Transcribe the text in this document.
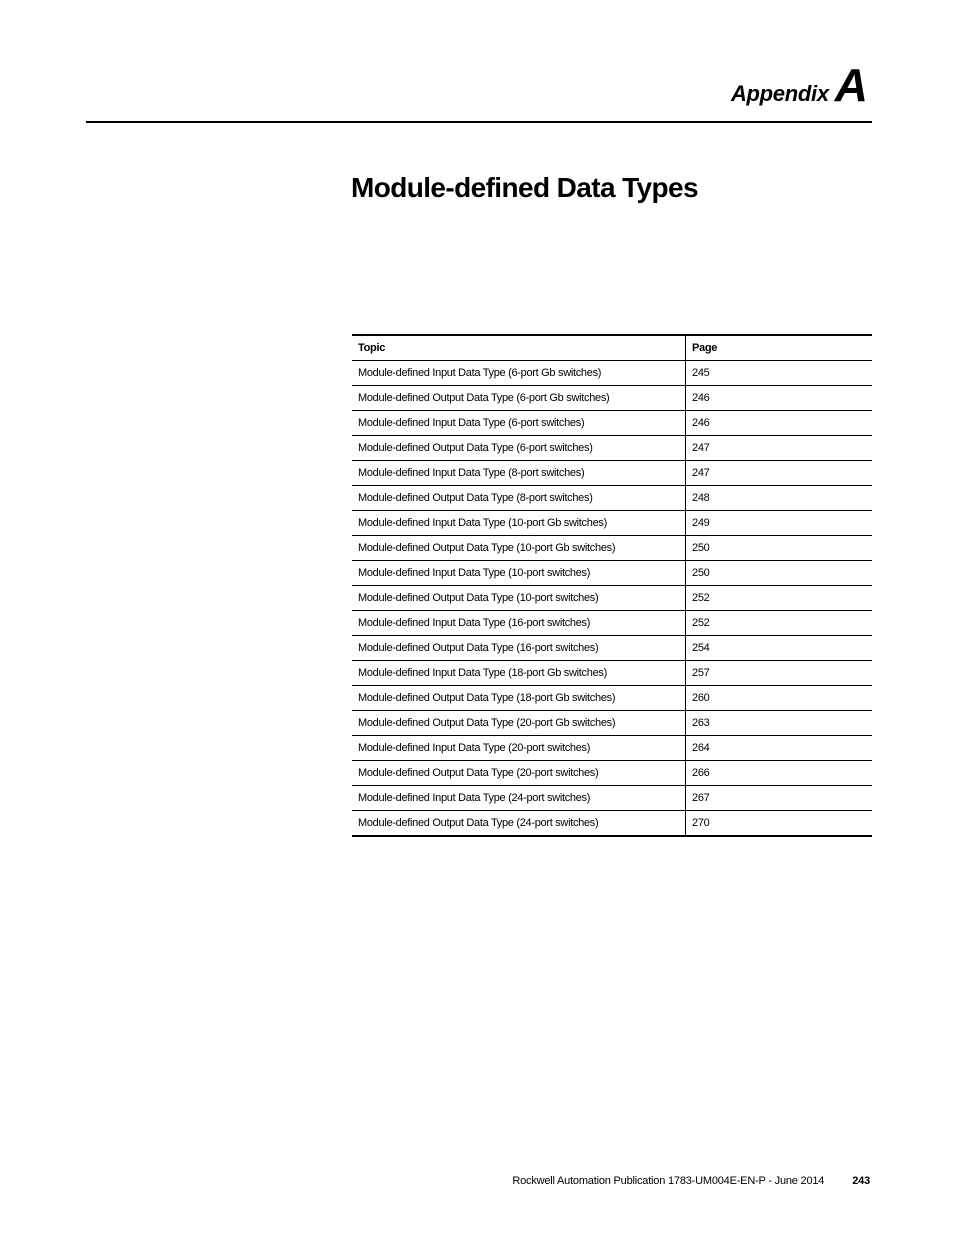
Appendix A
Module-defined Data Types
Topic	Page
Module-defined Input Data Type (6-port Gb switches)	245
Module-defined Output Data Type (6-port Gb switches)	246
Module-defined Input Data Type (6-port switches)	246
Module-defined Output Data Type (6-port switches)	247
Module-defined Input Data Type (8-port switches)	247
Module-defined Output Data Type (8-port switches)	248
Module-defined Input Data Type (10-port Gb switches)	249
Module-defined Output Data Type (10-port Gb switches)	250
Module-defined Input Data Type (10-port switches)	250
Module-defined Output Data Type (10-port switches)	252
Module-defined Input Data Type (16-port switches)	252
Module-defined Output Data Type (16-port switches)	254
Module-defined Input Data Type (18-port Gb switches)	257
Module-defined Output Data Type (18-port Gb switches)	260
Module-defined Output Data Type (20-port Gb switches)	263
Module-defined Input Data Type (20-port switches)	264
Module-defined Output Data Type (20-port switches)	266
Module-defined Input Data Type (24-port switches)	267
Module-defined Output Data Type (24-port switches)	270
Rockwell Automation Publication 1783-UM004E-EN-P - June 2014	243
